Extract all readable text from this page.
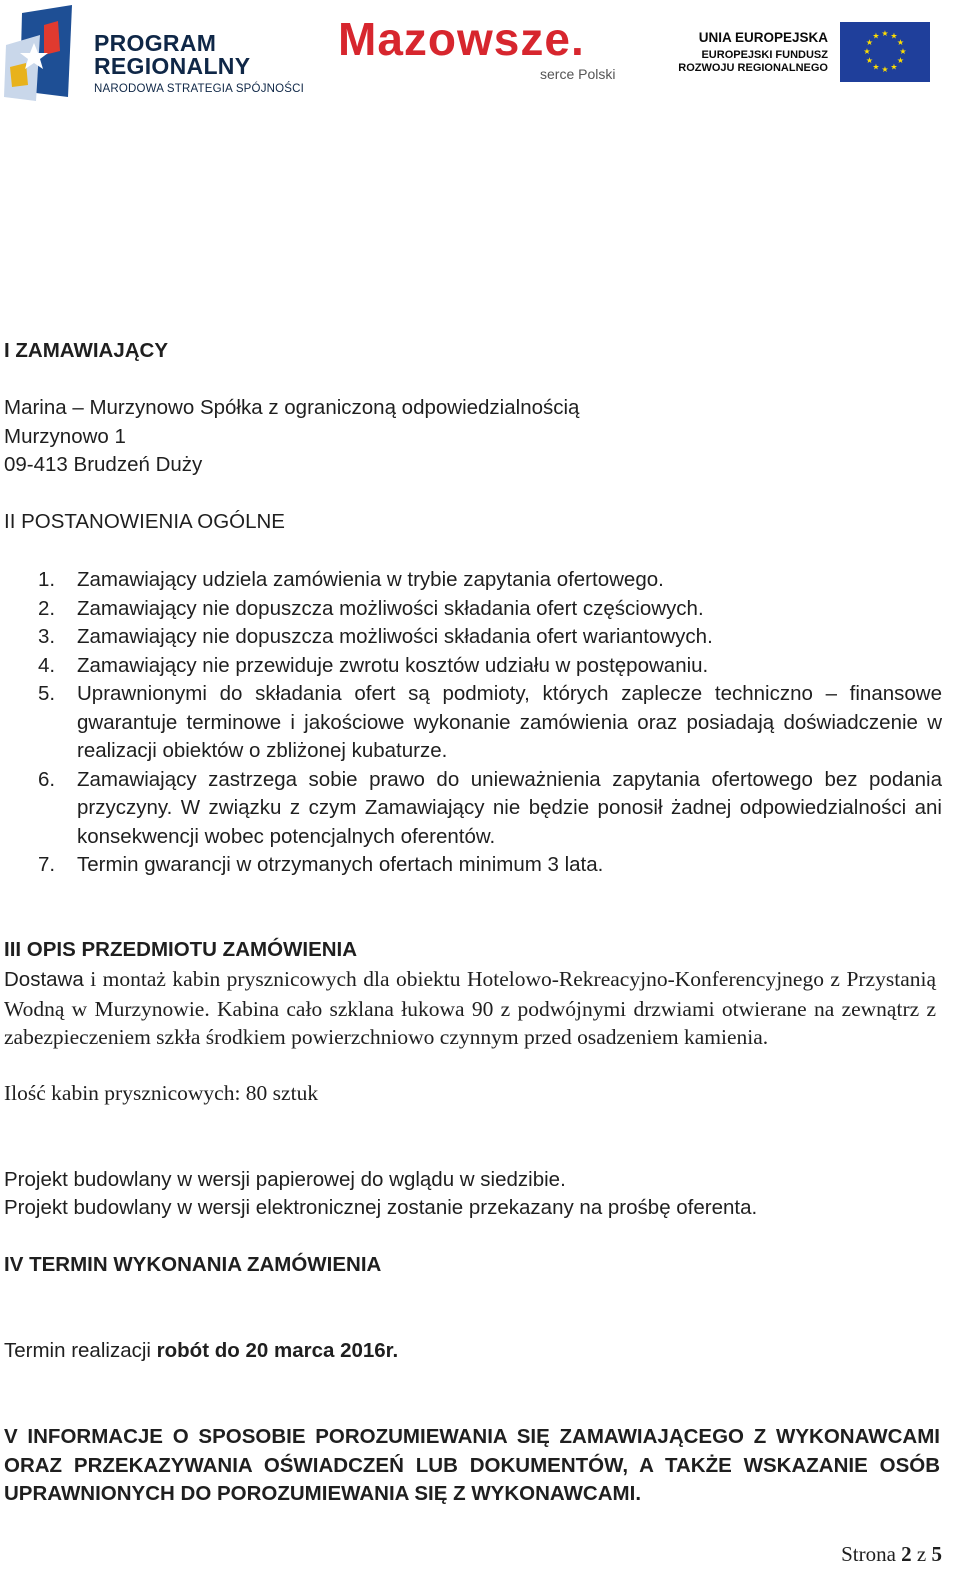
PROGRAM
REGIONALNY
NARODOWA STRATEGIA SPÓJNOŚCI
Mazowsze.
serce Polski
UNIA EUROPEJSKA
EUROPEJSKI FUNDUSZ
ROZWOJU REGIONALNEGO
★ ★
★
★
★
★
★
★
★
★
★
★
I ZAMAWIAJĄCY
Marina – Murzynowo Spółka z ograniczoną odpowiedzialnością
Murzynowo 1
09-413 Brudzeń Duży
II POSTANOWIENIA OGÓLNE
1. Zamawiający udziela zamówienia w trybie zapytania ofertowego.
2. Zamawiający nie dopuszcza możliwości składania ofert częściowych.
3. Zamawiający nie dopuszcza możliwości składania ofert wariantowych.
4. Zamawiający nie przewiduje zwrotu kosztów udziału w postępowaniu.
5. Uprawnionymi do składania ofert są podmioty, których zaplecze techniczno – finansowe gwarantuje terminowe i jakościowe wykonanie zamówienia oraz posiadają doświadczenie w realizacji obiektów o zbliżonej kubaturze.
6. Zamawiający zastrzega sobie prawo do unieważnienia zapytania ofertowego bez podania przyczyny. W związku z czym Zamawiający nie będzie ponosił żadnej odpowiedzialności ani konsekwencji wobec potencjalnych oferentów.
7. Termin gwarancji w otrzymanych ofertach minimum 3 lata.
III OPIS PRZEDMIOTU ZAMÓWIENIA
Dostawa i montaż kabin prysznicowych dla obiektu Hotelowo-Rekreacyjno-Konferencyjnego z Przystanią Wodną w Murzynowie. Kabina cało szklana łukowa 90 z podwójnymi drzwiami otwierane na zewnątrz z zabezpieczeniem szkła środkiem powierzchniowo czynnym przed osadzeniem kamienia.
Ilość kabin prysznicowych: 80 sztuk
Projekt budowlany w wersji papierowej do wglądu w siedzibie.
Projekt budowlany w wersji elektronicznej zostanie przekazany na prośbę oferenta.
IV TERMIN WYKONANIA ZAMÓWIENIA
Termin realizacji robót do 20 marca 2016r.
V INFORMACJE O SPOSOBIE POROZUMIEWANIA SIĘ ZAMAWIAJĄCEGO Z WYKONAWCAMI ORAZ PRZEKAZYWANIA OŚWIADCZEŃ LUB DOKUMENTÓW, A TAKŻE WSKAZANIE OSÓB UPRAWNIONYCH DO POROZUMIEWANIA SIĘ Z WYKONAWCAMI.
Strona 2 z 5
